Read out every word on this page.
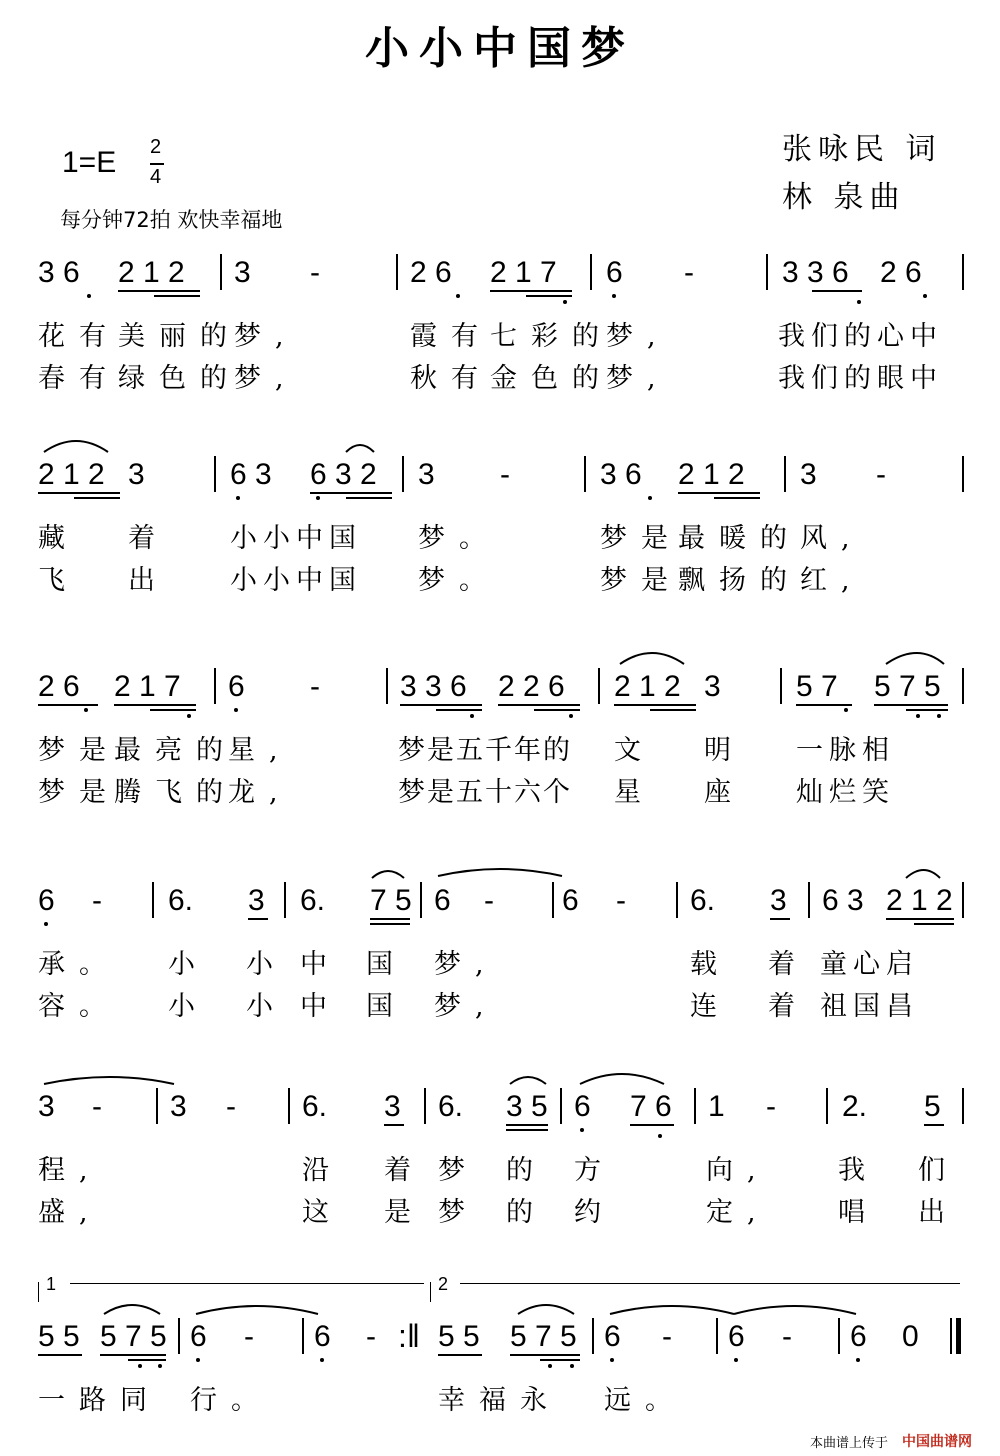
小小中国梦
张咏民 词
林 泉曲
1=E 2
4
每分钟72拍 欢快幸福地
3 6 2 1 2 3 -	2 6 2 1 7 6 -	3 3 6 2 6
花有
美丽的
梦,	霞有
七彩的
梦,	我们的心中
春有
绿色的
梦,	秋有
金色的
梦,	我们的眼中
2 1 2 3	6 3 6 3 2 3 -	3 6 2 1 2 3 -
藏 着 小小中国 梦。	梦是
最暖的 风,
飞 出 小小中国 梦。	梦是
飘扬的 红,
2 6 2 1 7 6 -	3 3 6 2 2 6 2 1 2 3	5 7 5 7 5
梦是
最亮的
星,	梦是五千年的 文 明 一脉相
梦是
腾飞的
龙,	梦是五十六个 星 座 灿烂笑
6 - 6. 3 6. 7 5 6 - 6 - 6. 3 6 3 2 1 2
承。 小 小 中 国 梦,	载 着 童心启
容。 小 小 中 国 梦,	连 着 祖国昌
3 - 3 - 6. 3 6. 3 5 6 7 6 1 - 2. 5
程,	沿 着 梦 的 方	向,	我 们
盛,	这 是 梦 的 约	定,	唱 出
1	2
5 5 5 7 5 6 - 6 - :‖ 5 5 5 7 5 6 - 6 - 6 0
一路同 行。	幸福永 远。
本曲谱上传于 中国曲谱网
